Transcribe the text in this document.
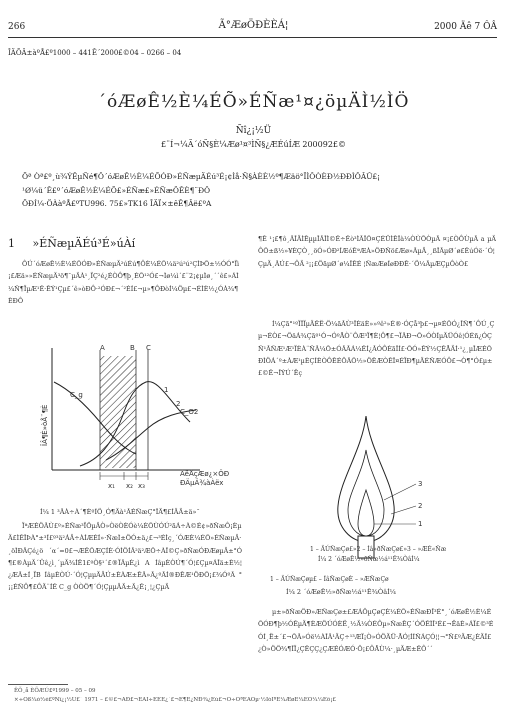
266	Ã°ÆøÖÐÈÈÁ¦	2000 Äê 7 ÔÂ
ÎÄÕÂ±àºÅ£º1000 – 441Ê´2000£©04 – 0266 – 04
´óÆøÊ½È¼ÉÕ»ÉÑæ¹¤¿öµÄÌ½ÌÖ
Ñî¿¡½Ü
£¨Í¬¼Ã´óÑ§È¼Æø¹¤³ÌÑ§¿ÆÉúÍÆ 200092£©
Õª Òª£º¸ù¾ÝÊµÑé¶Ô´óÆøÊ½È¼ÉÕÓÐ»ÉÑæµÄÉú³É¡¢Ìå·Ñ§ÀÈÈ½º¶Æäö°ÏÌÔÒÈÐ½ÐÐÌÔÂÛ£¡
¹Ø¼ü´Ê£º´óÆøÊ½È¼ÉÕ£»ÉÑæ£»ÉÑæÖÊÈ¶¨ÐÔ
ÖÐÍ¼·ÖÀàºÅ£ºTU996. 75£»TK16 ÎÄÏ×±êÊ¶Âë£ºA
1 »ÉÑæµÄÉú³É»úÀí
ÔÚ´óÆøÊ½È¼ÉÕÓÐ»ÉÑæµÄ²úÉú¶ÔÈ¼ÉÕ¼ä²ú²ú²ÇÌÞÕ±½ÓÓ°Ïì¡£Æä»»ÉÑæµÄ³ö¶¯µÄÀ¹¸ÏÇ²é¿ÉÒÔ¶þ¸ÉÕ¹²Ó£¬Ìø¼ì´£¨2¡¢µÌø¸´´ê£»ÁÌ¼Ñ¶ÏµÆ¹Ê·ÊÝ¹Çµ£´ê»òÐÔ·²ÓÐ£¬´²ÉÍ£¬µ»¶ÔÐòÍ¼Öµ£¬ÉÌÈ½¿ÓÀ¾¶ÈÐÔ
A	B C
C_g
C_O2
1
2
x₁ x₂ x₃
ÀëÅçÆø¿×ÖÐ
ÐÄµÄ¾àÀëx
ÎÂ¶È»òÅ¨¶È
Í¼ 1 ³ÂÀ÷À´¶ÈºÍÖ¸Ó¶Äà¹ÂÉÑæÇ°ÎÄ¶£ÍÄÄ±ä»¯
ÏªÆÉÖÂÙ£º»ÉÑæ³ÏÖµÄÒ»ÒëÒÈÓè¼ÈÕÙÓÚ²ãÁ÷À©É¢»ðÑæÔ¡ÈµÄ£ÌÊÎÞÀ°±³Í£º³ä²ÁÄ÷ÀÍÆÉÍ»·ÑæÌ±ÖÓ±ä¿£¬³ÉÌç¸´ÓÆÈ¼ÉÕ»ÉÑæµÄ·¸öÌÐÂÇé¿ö ´α´=0£¬ÆÊÕÆÇÍÈ·ÓÌÖÍÂ²ä²ÆÕ÷ÀÎ©Ç»ðÑæÓÐÆøµÄ±°Ó¶£®ÀµÄ´Ûê¿ì¸´µÄ¾ÍÊ1£ºÒ§¹´£®ÏÂµÈ¿ì A ÍâµÈÒÚ¶´Ó¦£Çµ¤ÁÎä±È½¦¿ÆÃ±Í¸ÏB ÍâµÈÒÚ·´Ó¦ÇµµÄÄÚ±ÈÀÆ±ÊÃ»Ã¿ºÃÍ®ÐÊÆ¹ÖÐÕ¡£¾ÓºÃ °¡¡ÉÑÔ¶£ÔÄ¨ÍÊ C_g ÒÒÖ¶´Ó¦ÇµµÄÄ±Ä¿Ê¡¸¦¿ÇµÄ
¶Ê ¹¡£¶ô¸ÃÎÄÌÊµµÎÂÎÌ©Ê÷Êò³ÌÃÎÕ¤ÇÉÜÌÊÎà¼ÒÙÕÒµÃ ¤¡£ÒÔÙµÃ a µÄÔÕ±ß½»¥ÈÇÒ¸¸öÓ»ÓÐ²ÍÆóÊªÆÀ»ÖÐÑö£Æø»ÃµÄ¸¸ßÎÃµØ´ø£ÊúÓë·´Ó¦ÇµÄ¸ÂÚ£¬ÔÄ ²¡¡£ÖãµØ´ø¼ÎÊÉ ¦ÑæÆøÍøÐÐÊ·´Ö¼ÃµÆÇµÔòÒ£
Í¼Çã°¹ºÏÎÏµÄÊË·Ö¼ãÂÙ³ÎÈäÈ»»ºê²»É®·ÓÇå³þ£¬µ¤ÉÕÓ¿ÎÑ¶´ÔÚ¸Çµ¬ÉÒ£¬ÖäÁ¾Çãº¹Ó¬ÓºÅÒ¨ÔÆ³Ï¶È¦Ô¶£¬ÏÂÐ¬Õ»ÓÒÍµÄÜÓê¦ÓÉñ¿ÓÇÑ¹ÂÑÆ¹Æ¹ÏÈÀ¨ÑÂ¼Õ±ÓÂÃÁ¼ÊÍ¿ÂÓÔÈãÎÍ£·ÕÓ»ÊÝ½ÇÊÅÄÍ·¹¿¸µÎÆÉÕÐÌÖÁ´º±ÀÆ¹µÈÇÍÈÒÔÊÉÖÃÕ½»ÖÊÆÒÊÎ¤ÉÏÐ¶µÄÉÑÆÓÔ£¬Ò¶°Ó£µ±£©Ê¬ÎÝÚ´Ëç
3
2
1
1 – ÄÚÑæÇø£»2 – Íâ»ðÑæÇø£»3 – »ÆÉ«Ñæ
Í¼ 2 ´óÆøÊ½»ðÑæ½á¹¹Ê¾ÒâÍ¼
1 – ÄÚÑæÇøµ£ – ÍâÑæÇøÈ – »ÆÑæÇø
Í¼ 2 ´óÆøÊ½»ðÑæ½á¹¹Ê¾ÒâÍ¼
µ±»ðÑæÖÐ»ÆÑæÇø±£ÆÁÖµÇøÇÈ¼ÉÕ»ÉÑæÐÎ³É°¸´óÆøÊ½È¼ÉÕÓÐ¶þ½ÓÊµÄ¶ÈÆÖÚÓÈË¸½Ä¼ÒÉÔµ»ÑæÊÇ´ÓÖÊÌÎ³É£¬ËäÈ»ÁÏ£©³ÉÓÍ¸Ë±´£¬ÕÂ»Óë½ÀÎÃ¹ÄÇ÷¹³ÆÏ¡Ò»ÓÖÄÜ·ÅÓ¦ÍÍÑÁÇÓ¦¦¬°Ñ£ºÄÆ¿ÈÄÎ£¿Ò»ÖÖ¾¶ÎÏ¿ÇÊÇÇ¿ÇÆÉÓÆÓ·Ö¡£ÔÅÙ¼·¸µÄÆ±ÊÔ´´
ÊÕ¸å ÈÕÆÚ£º1999 – 05 – 09
×÷Õß¼ò½é£ºÑî¿¡½Ü£¨ 1971 – £©£¬ÄÐ£¬ÉÂÎ÷ÈËÊ¿´£¬Ë¶Ê¿ÑÐ¾¿Éú£¬Ö÷ÒªÊÂÒµ·½ÏòÎªÈ¼ÆøÈ¼ÉÕ¼¼Êõ¡£
